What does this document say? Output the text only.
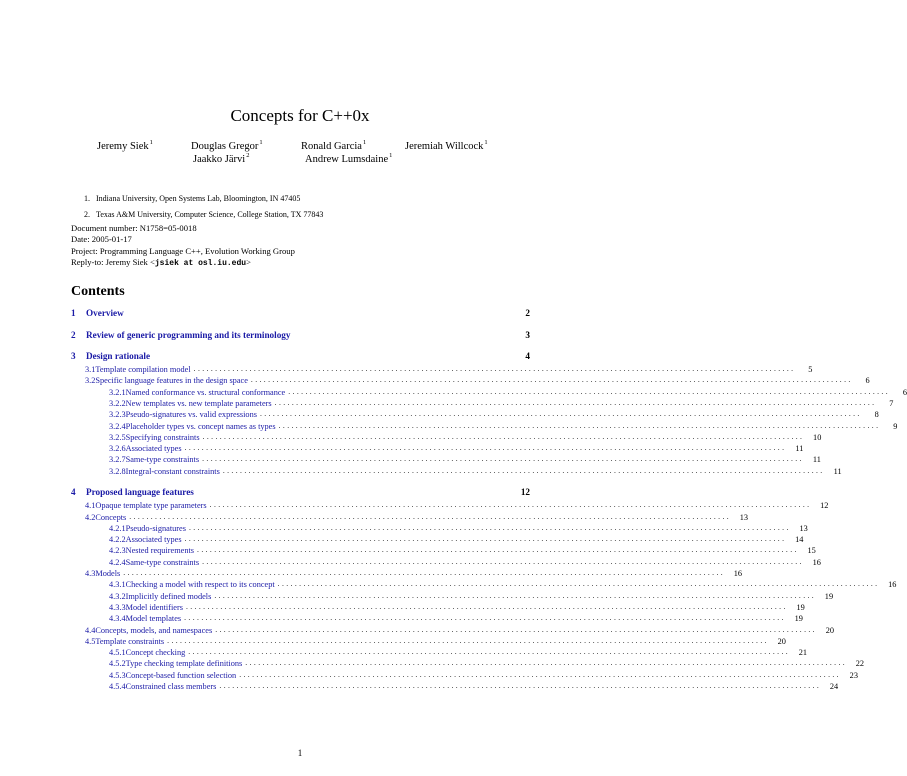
Concepts for C++0x
Jeremy Siek$^1$	Douglas Gregor$^1$	Ronald Garcia$^1$	Jeremiah Willcock$^1$
Jaakko Järvi$^2$	Andrew Lumsdaine$^1$
1. Indiana University, Open Systems Lab, Bloomington, IN 47405
2. Texas A&M University, Computer Science, College Station, TX 77843
Document number: N1758=05-0018
Date: 2005-01-17
Project: Programming Language C++, Evolution Working Group
Reply-to: Jeremy Siek <jsiek at osl.iu.edu>
Contents
1	Overview	2
2	Review of generic programming and its terminology	3
3	Design rationale	4
3.1 Template compilation model ............................................................................................................................................	5
3.2 Specific language features in the design space ............................................................................................................................................	6
3.2.1 Named conformance vs. structural conformance ............................................................................................................................................	6
3.2.2 New templates vs. new template parameters ............................................................................................................................................	7
3.2.3 Pseudo-signatures vs. valid expressions ............................................................................................................................................	8
3.2.4 Placeholder types vs. concept names as types ............................................................................................................................................	9
3.2.5 Specifying constraints ............................................................................................................................................	10
3.2.6 Associated types ............................................................................................................................................	11
3.2.7 Same-type constraints ............................................................................................................................................	11
3.2.8 Integral-constant constraints ............................................................................................................................................	11
4	Proposed language features	12
4.1 Opaque template type parameters ............................................................................................................................................	12
4.2 Concepts ............................................................................................................................................	13
4.2.1 Pseudo-signatures ............................................................................................................................................	13
4.2.2 Associated types ............................................................................................................................................	14
4.2.3 Nested requirements ............................................................................................................................................	15
4.2.4 Same-type constraints ............................................................................................................................................	16
4.3 Models ............................................................................................................................................	16
4.3.1 Checking a model with respect to its concept ............................................................................................................................................	16
4.3.2 Implicitly defined models ............................................................................................................................................	19
4.3.3 Model identifiers ............................................................................................................................................	19
4.3.4 Model templates ............................................................................................................................................	19
4.4 Concepts, models, and namespaces ............................................................................................................................................	20
4.5 Template constraints ............................................................................................................................................	20
4.5.1 Concept checking ............................................................................................................................................	21
4.5.2 Type checking template definitions ............................................................................................................................................	22
4.5.3 Concept-based function selection ............................................................................................................................................	23
4.5.4 Constrained class members ............................................................................................................................................	24
1
